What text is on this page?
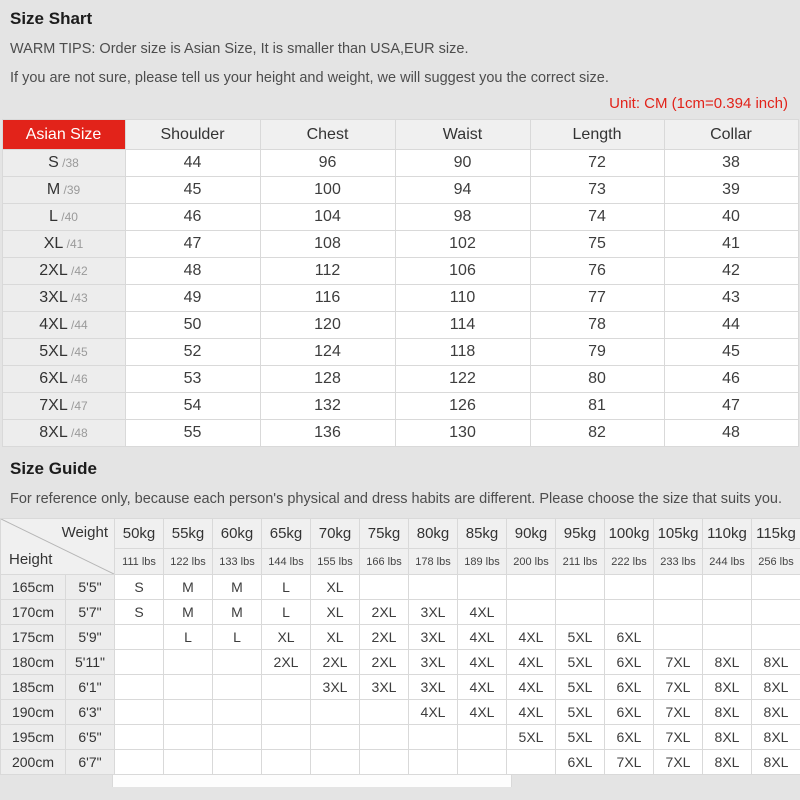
Size Shart

WARM TIPS: Order size is Asian Size, It is smaller than USA,EUR size.

If you are not sure, please tell us your height and weight, we will suggest you the correct size.

Unit: CM (1cm=0.394 inch)

Asian Size	Shoulder	Chest	Waist	Length	Collar
S /38	44	96	90	72	38
M /39	45	100	94	73	39
L /40	46	104	98	74	40
XL /41	47	108	102	75	41
2XL /42	48	112	106	76	42
3XL /43	49	116	110	77	43
4XL /44	50	120	114	78	44
5XL /45	52	124	118	79	45
6XL /46	53	128	122	80	46
7XL /47	54	132	126	81	47
8XL /48	55	136	130	82	48
Size Guide

For reference only, because each person's physical and dress habits are different. Please choose the size that suits you.

Weight
Height		50kg	55kg	60kg	65kg	70kg	75kg	80kg	85kg	90kg	95kg	100kg	105kg	110kg	115kg
		111 lbs	122 lbs	133 lbs	144 lbs	155 lbs	166 lbs	178 lbs	189 lbs	200 lbs	211 lbs	222 lbs	233 lbs	244 lbs	256 lbs
165cm	5'5"	S	M	M	L	XL									
170cm	5'7"	S	M	M	L	XL	2XL	3XL	4XL						
175cm	5'9"		L	L	XL	XL	2XL	3XL	4XL	4XL	5XL	6XL			
180cm	5'11"				2XL	2XL	2XL	3XL	4XL	4XL	5XL	6XL	7XL	8XL	8XL
185cm	6'1"					3XL	3XL	3XL	4XL	4XL	5XL	6XL	7XL	8XL	8XL
190cm	6'3"							4XL	4XL	4XL	5XL	6XL	7XL	8XL	8XL
195cm	6'5"									5XL	5XL	6XL	7XL	8XL	8XL
200cm	6'7"										6XL	7XL	7XL	8XL	8XL
